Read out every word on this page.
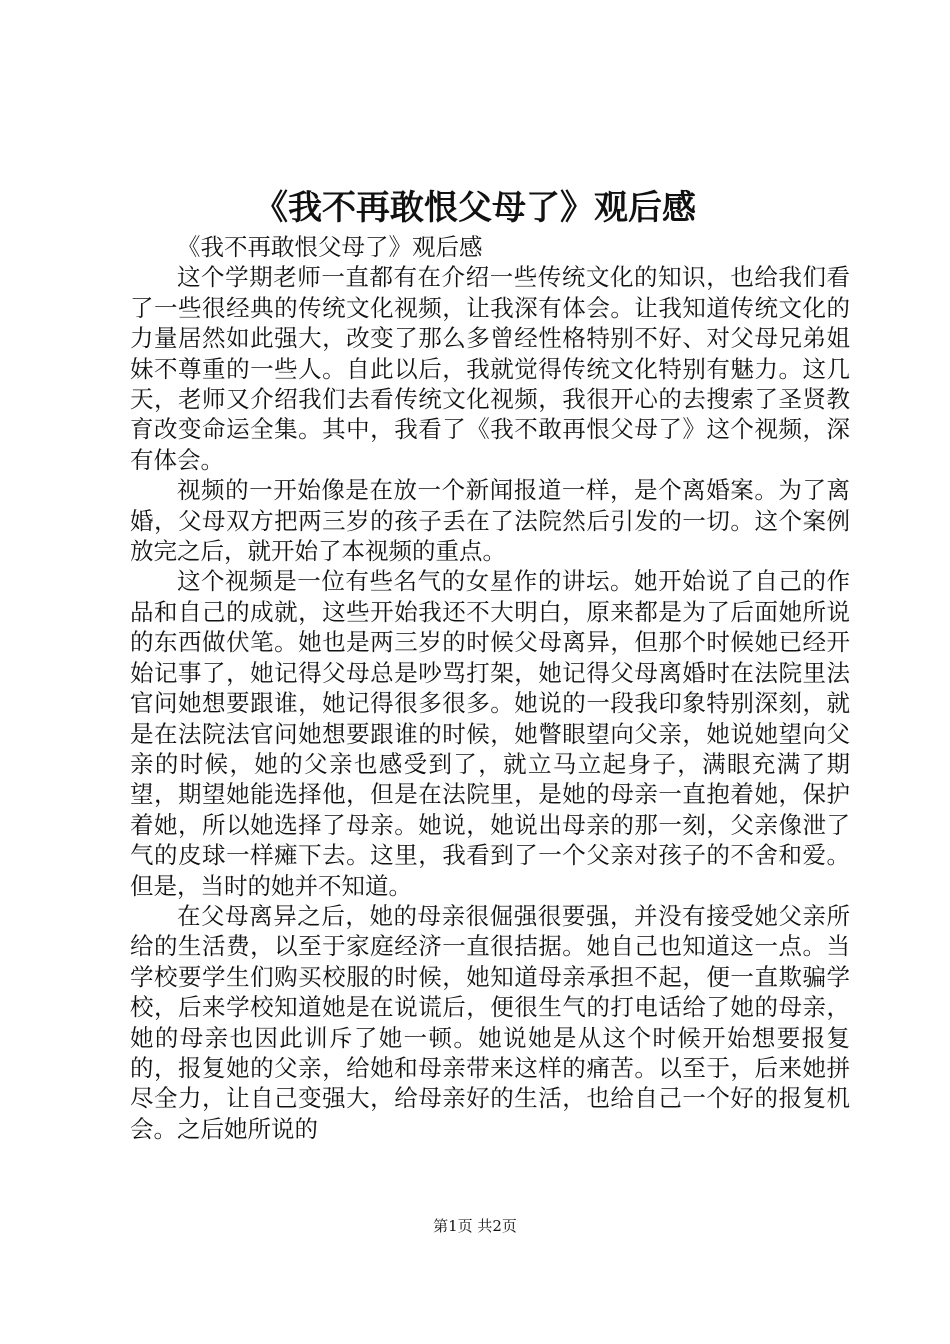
《我不再敢恨父母了》观后感

《我不再敢恨父母了》观后感

这个学期老师一直都有在介绍一些传统文化的知识，也给我们看了一些很经典的传统文化视频，让我深有体会。让我知道传统文化的力量居然如此强大，改变了那么多曾经性格特别不好、对父母兄弟姐妹不尊重的一些人。自此以后，我就觉得传统文化特别有魅力。这几天，老师又介绍我们去看传统文化视频，我很开心的去搜索了圣贤教育改变命运全集。其中，我看了《我不敢再恨父母了》这个视频，深有体会。

视频的一开始像是在放一个新闻报道一样，是个离婚案。为了离婚，父母双方把两三岁的孩子丢在了法院然后引发的一切。这个案例放完之后，就开始了本视频的重点。

这个视频是一位有些名气的女星作的讲坛。她开始说了自己的作品和自己的成就，这些开始我还不大明白，原来都是为了后面她所说的东西做伏笔。她也是两三岁的时候父母离异，但那个时候她已经开始记事了，她记得父母总是吵骂打架，她记得父母离婚时在法院里法官问她想要跟谁，她记得很多很多。她说的一段我印象特别深刻，就是在法院法官问她想要跟谁的时候，她瞥眼望向父亲，她说她望向父亲的时候，她的父亲也感受到了，就立马立起身子，满眼充满了期望，期望她能选择他，但是在法院里，是她的母亲一直抱着她，保护着她，所以她选择了母亲。她说，她说出母亲的那一刻，父亲像泄了气的皮球一样瘫下去。这里，我看到了一个父亲对孩子的不舍和爱。但是，当时的她并不知道。

在父母离异之后，她的母亲很倔强很要强，并没有接受她父亲所给的生活费，以至于家庭经济一直很拮据。她自己也知道这一点。当学校要学生们购买校服的时候，她知道母亲承担不起，便一直欺骗学校，后来学校知道她是在说谎后，便很生气的打电话给了她的母亲，她的母亲也因此训斥了她一顿。她说她是从这个时候开始想要报复的，报复她的父亲，给她和母亲带来这样的痛苦。以至于，后来她拼尽全力，让自己变强大，给母亲好的生活，也给自己一个好的报复机会。之后她所说的

第1页 共2页
